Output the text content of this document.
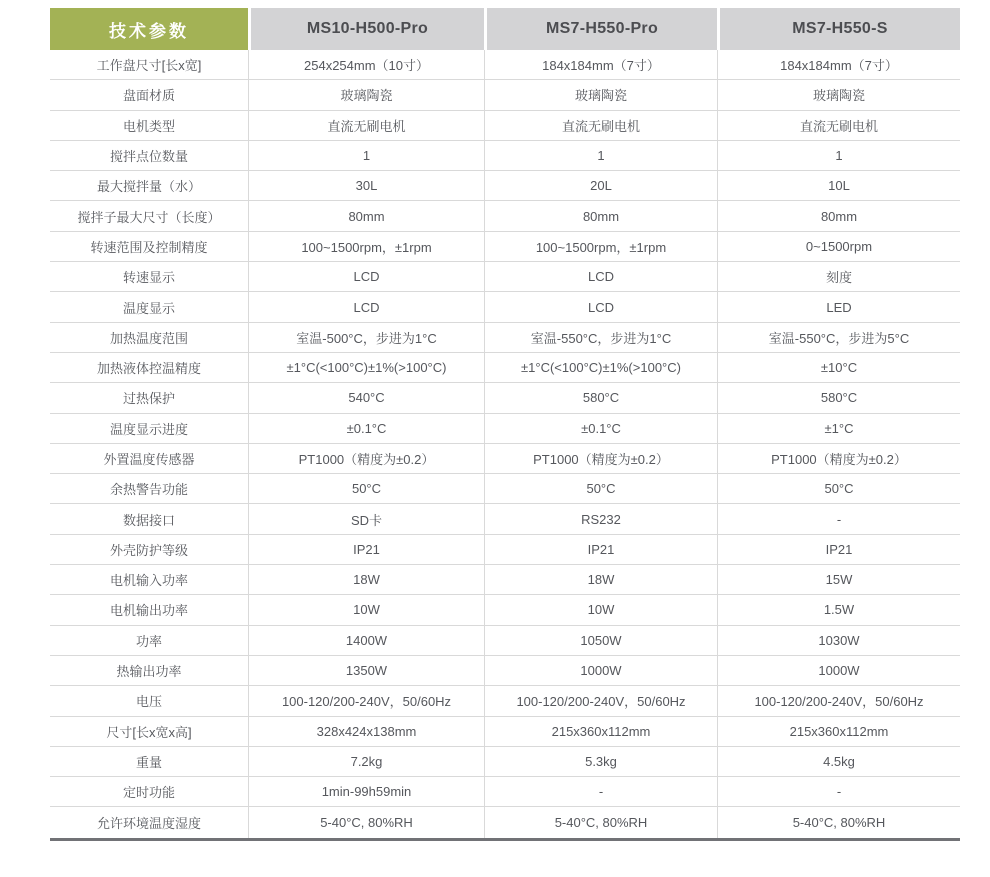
技术参数	MS10-H500-Pro	MS7-H550-Pro	MS7-H550-S
工作盘尺寸[长x宽]	254x254mm（10寸）	184x184mm（7寸）	184x184mm（7寸）
盘面材质	玻璃陶瓷	玻璃陶瓷	玻璃陶瓷
电机类型	直流无刷电机	直流无刷电机	直流无刷电机
搅拌点位数量	1	1	1
最大搅拌量（水）	30L	20L	10L
搅拌子最大尺寸（长度）	80mm	80mm	80mm
转速范围及控制精度	100~1500rpm，±1rpm	100~1500rpm，±1rpm	0~1500rpm
转速显示	LCD	LCD	刻度
温度显示	LCD	LCD	LED
加热温度范围	室温-500°C，步进为1°C	室温-550°C，步进为1°C	室温-550°C，步进为5°C
加热液体控温精度	±1°C(<100°C)±1%(>100°C)	±1°C(<100°C)±1%(>100°C)	±10°C
过热保护	540°C	580°C	580°C
温度显示进度	±0.1°C	±0.1°C	±1°C
外置温度传感器	PT1000（精度为±0.2）	PT1000（精度为±0.2）	PT1000（精度为±0.2）
余热警告功能	50°C	50°C	50°C
数据接口	SD卡	RS232	-
外壳防护等级	IP21	IP21	IP21
电机输入功率	18W	18W	15W
电机输出功率	10W	10W	1.5W
功率	1400W	1050W	1030W
热输出功率	1350W	1000W	1000W
电压	100-120/200-240V，50/60Hz	100-120/200-240V，50/60Hz	100-120/200-240V，50/60Hz
尺寸[长x宽x高]	328x424x138mm	215x360x112mm	215x360x112mm
重量	7.2kg	5.3kg	4.5kg
定时功能	1min-99h59min	-	-
允许环境温度湿度	5-40°C, 80%RH	5-40°C, 80%RH	5-40°C, 80%RH
